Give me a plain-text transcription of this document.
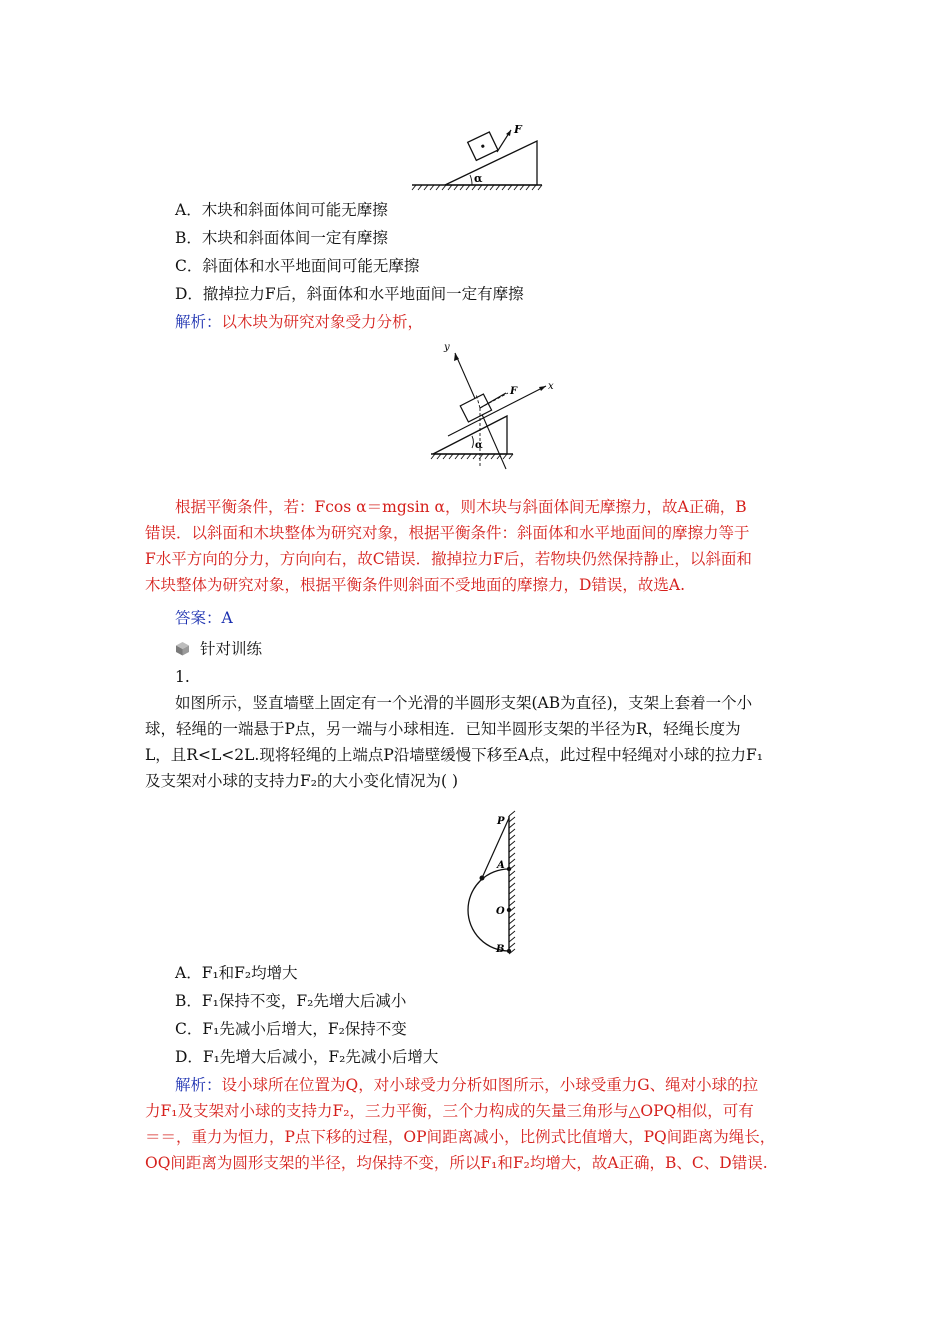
F
α
A．木块和斜面体间可能无摩擦
B．木块和斜面体间一定有摩擦
C．斜面体和水平地面间可能无摩擦
D．撤掉拉力F后，斜面体和水平地面间一定有摩擦
解析：以木块为研究对象受力分析，
x
y
F
α
根据平衡条件，若：Fcos α＝mgsin α，则木块与斜面体间无摩擦力，故A正确，B
错误．以斜面和木块整体为研究对象，根据平衡条件：斜面体和水平地面间的摩擦力等于
F水平方向的分力，方向向右，故C错误．撤掉拉力F后，若物块仍然保持静止，以斜面和
木块整体为研究对象，根据平衡条件则斜面不受地面的摩擦力，D错误，故选A.
答案：A
针对训练
1.
如图所示，竖直墙壁上固定有一个光滑的半圆形支架(AB为直径)，支架上套着一个小
球，轻绳的一端悬于P点，另一端与小球相连．已知半圆形支架的半径为R，轻绳长度为
L，且R<L<2L.现将轻绳的上端点P沿墙壁缓慢下移至A点，此过程中轻绳对小球的拉力F₁
及支架对小球的支持力F₂的大小变化情况为( )
P
A
O
B
A．F₁和F₂均增大
B．F₁保持不变，F₂先增大后减小
C．F₁先减小后增大，F₂保持不变
D．F₁先增大后减小，F₂先减小后增大
解析：设小球所在位置为Q，对小球受力分析如图所示，小球受重力G、绳对小球的拉
力F₁及支架对小球的支持力F₂，三力平衡，三个力构成的矢量三角形与△OPQ相似，可有
＝＝，重力为恒力，P点下移的过程，OP间距离减小，比例式比值增大，PQ间距离为绳长，
OQ间距离为圆形支架的半径，均保持不变，所以F₁和F₂均增大，故A正确，B、C、D错误.
